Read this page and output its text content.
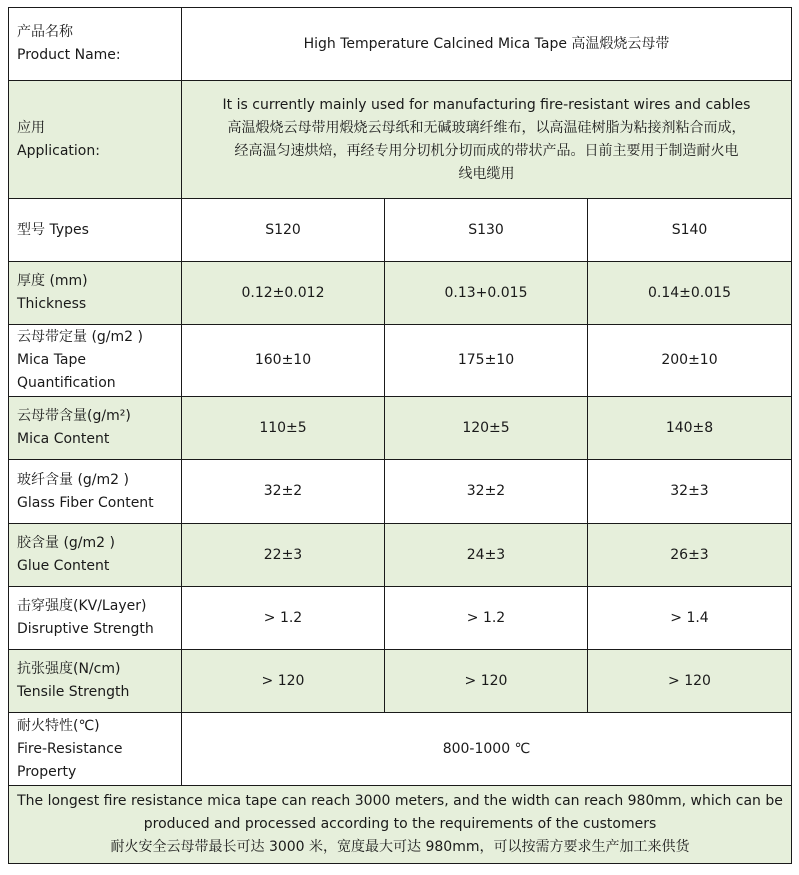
产品名称
Product Name:	High Temperature Calcined Mica Tape 高温煅烧云母带		

应用
Application:	It is currently mainly used for manufacturing fire-resistant wires and cables
高温煅烧云母带用煅烧云母纸和无碱玻璃纤维布，以高温硅树脂为粘接剂粘合而成，
经高温匀速烘焙，再经专用分切机分切而成的带状产品。日前主要用于制造耐火电
线电缆用		

型号 Types	S120	S130	S140

厚度 (mm)
Thickness	0.12±0.012	0.13+0.015	0.14±0.015

云母带定量 (g/m2 )
Mica Tape
Quantification	160±10	175±10	200±10

云母带含量(g/m²)
Mica Content	110±5	120±5	140±8

玻纤含量 (g/m2 )
Glass Fiber Content	32±2	32±2	32±3

胶含量 (g/m2 )
Glue Content	22±3	24±3	26±3

击穿强度(KV/Layer)
Disruptive Strength	> 1.2	> 1.2	> 1.4

抗张强度(N/cm)
Tensile Strength	> 120	> 120	> 120

耐火特性(℃)
Fire-Resistance
Property	800-1000 ℃		

The longest fire resistance mica tape can reach 3000 meters, and the width can reach 980mm, which can be
produced and processed according to the requirements of the customers
耐火安全云母带最长可达 3000 米，宽度最大可达 980mm，可以按需方要求生产加工来供货			
